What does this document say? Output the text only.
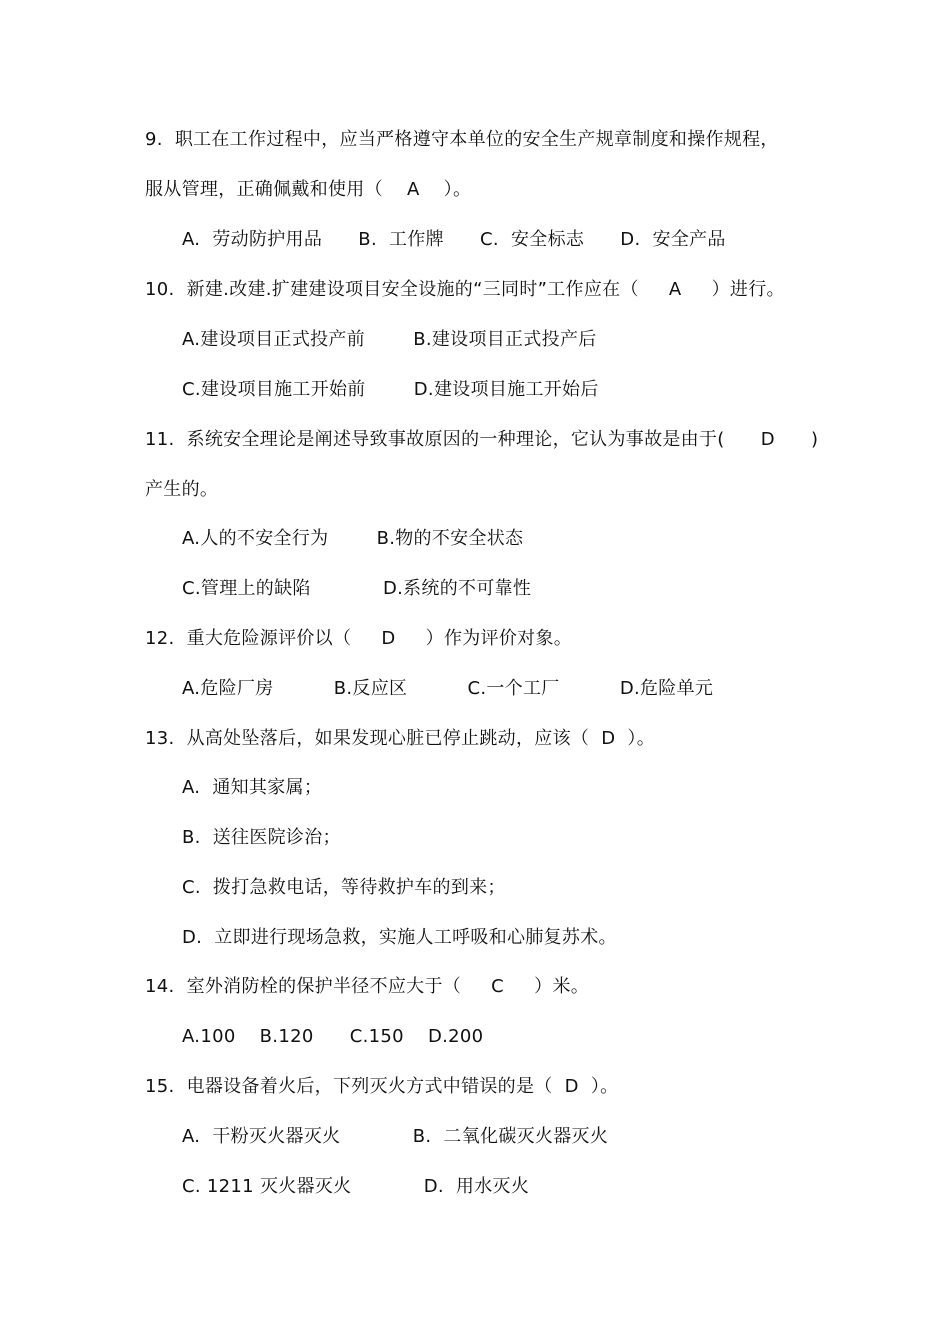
9.  职工在工作过程中，应当严格遵守本单位的安全生产规章制度和操作规程，
服从管理，正确佩戴和使用（    A    ）。
A.  劳动防护用品      B.  工作牌      C.  安全标志      D.  安全产品
10.  新建.改建.扩建建设项目安全设施的“三同时”工作应在（     A     ）进行。
A.建设项目正式投产前        B.建设项目正式投产后
C.建设项目施工开始前        D.建设项目施工开始后
11.  系统安全理论是阐述导致事故原因的一种理论，它认为事故是由于(      D      )
产生的。
A.人的不安全行为        B.物的不安全状态
C.管理上的缺陷            D.系统的不可靠性
12.  重大危险源评价以（     D     ）作为评价对象。
A.危险厂房          B.反应区          C.一个工厂          D.危险单元
13.  从高处坠落后，如果发现心脏已停止跳动，应该（  D  ）。
A.  通知其家属；
B.  送往医院诊治；
C.  拨打急救电话，等待救护车的到来；
D.  立即进行现场急救，实施人工呼吸和心肺复苏术。
14.  室外消防栓的保护半径不应大于（     C     ）米。
A.100    B.120      C.150    D.200
15.  电器设备着火后，下列灭火方式中错误的是（  D  ）。
A.  干粉灭火器灭火            B.  二氧化碳灭火器灭火
C. 1211 灭火器灭火            D.  用水灭火
